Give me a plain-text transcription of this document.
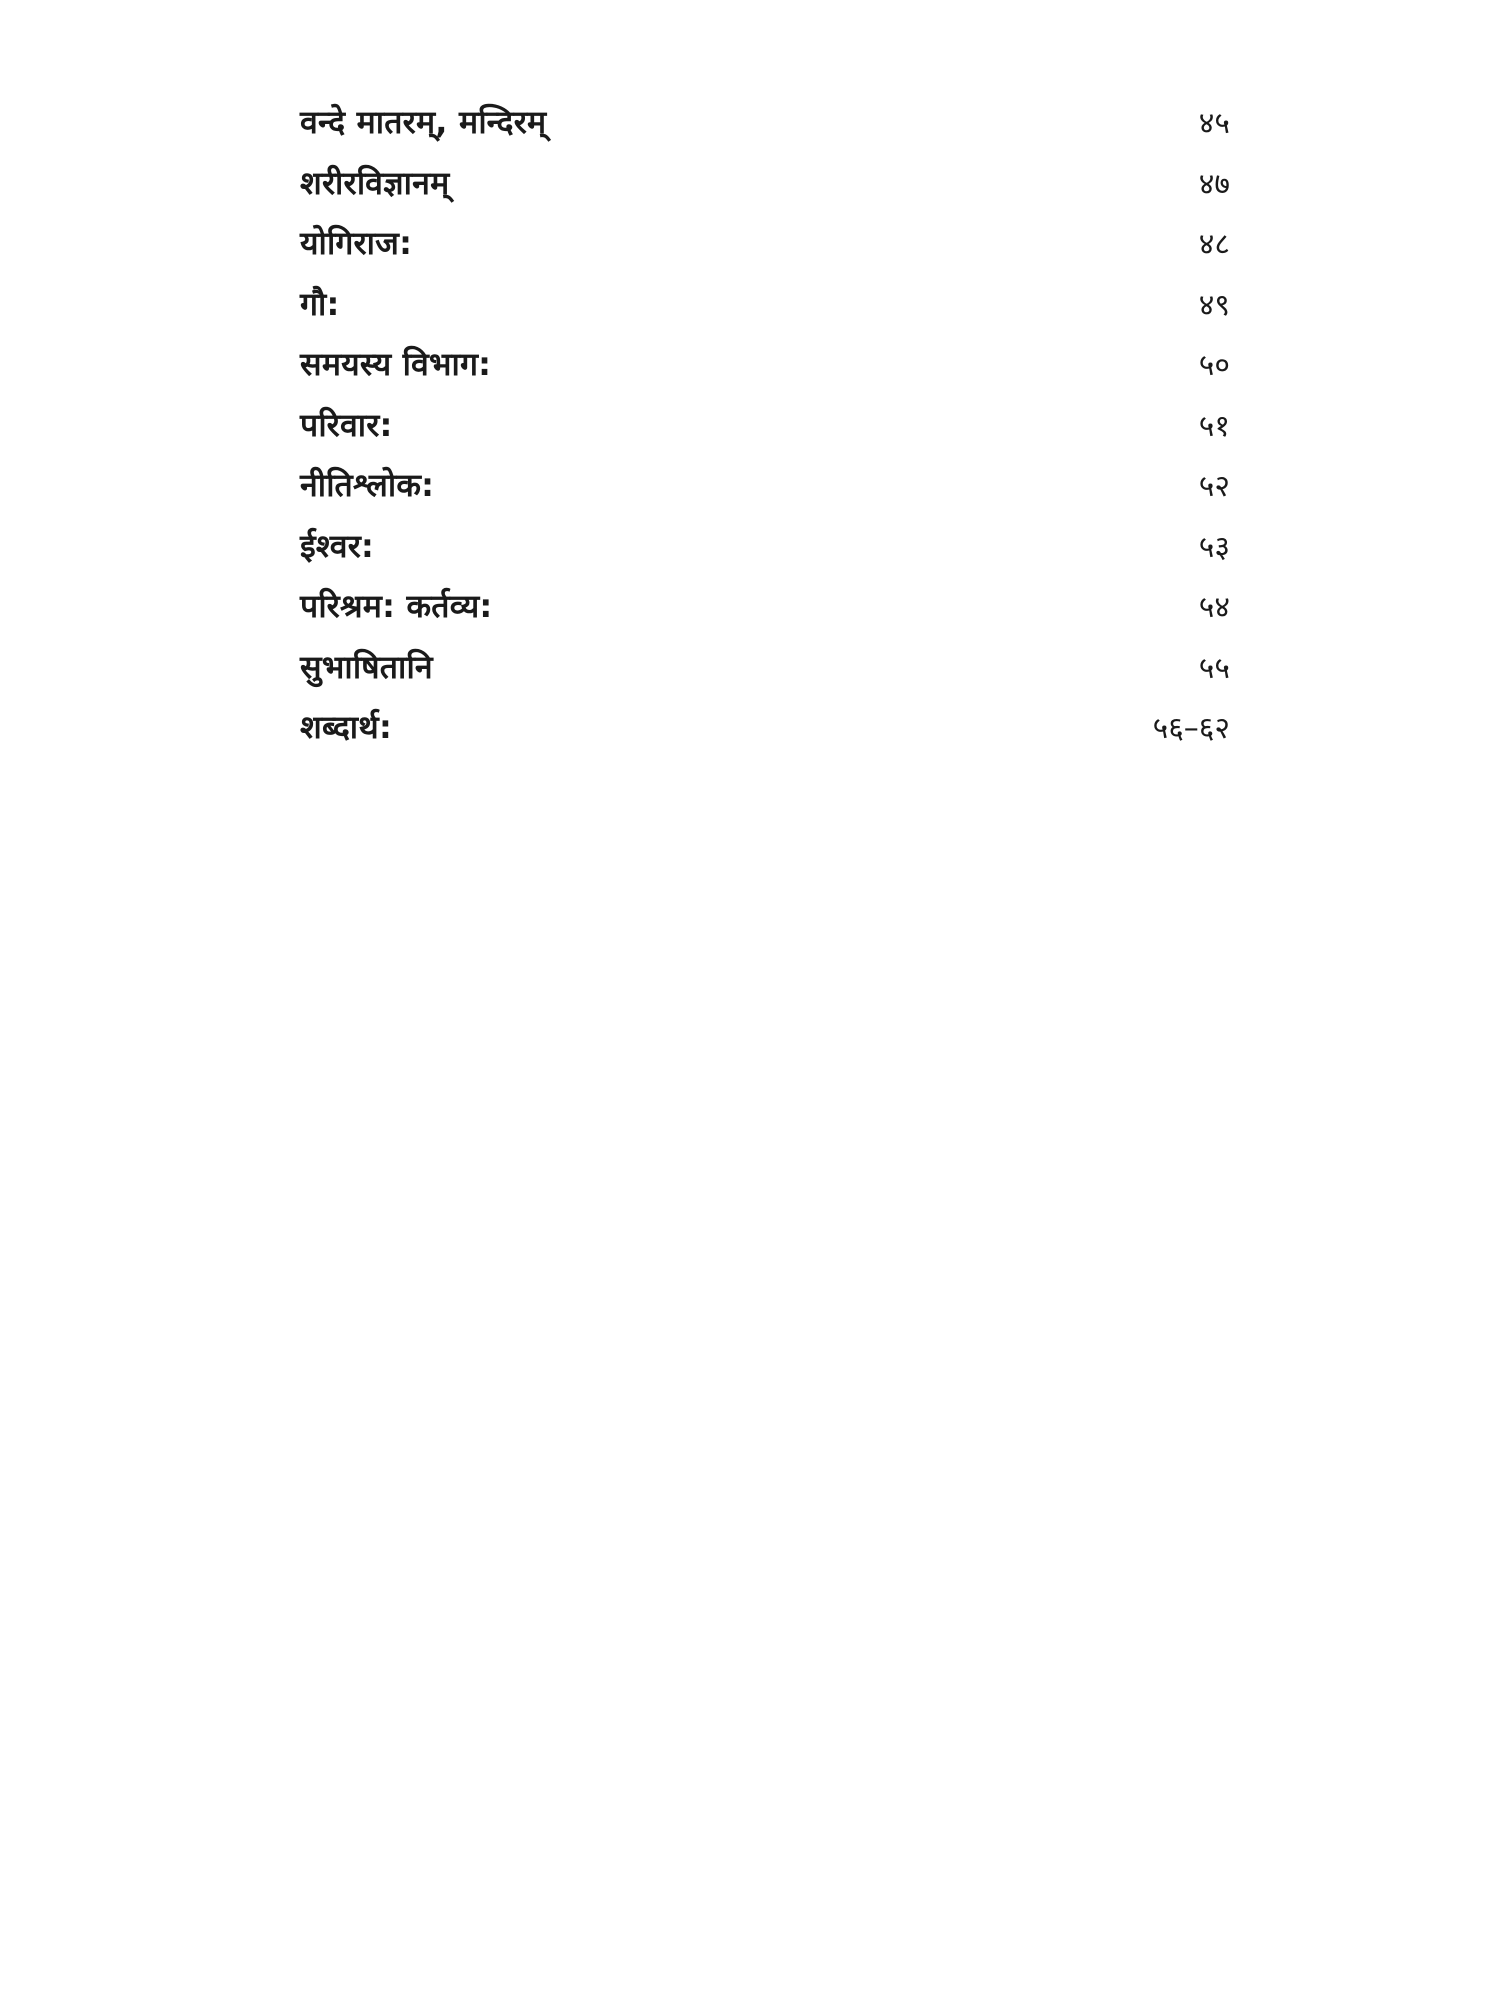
वन्दे मातरम्, मन्दिरम्	४५
शरीरविज्ञानम्	४७
योगिराज:	४८
गौ:	४९
समयस्य विभाग:	५०
परिवार:	५१
नीतिश्लोक:	५२
ईश्वर:	५३
परिश्रम: कर्तव्य:	५४
सुभाषितानि	५५
शब्दार्थ:	५६–६२
